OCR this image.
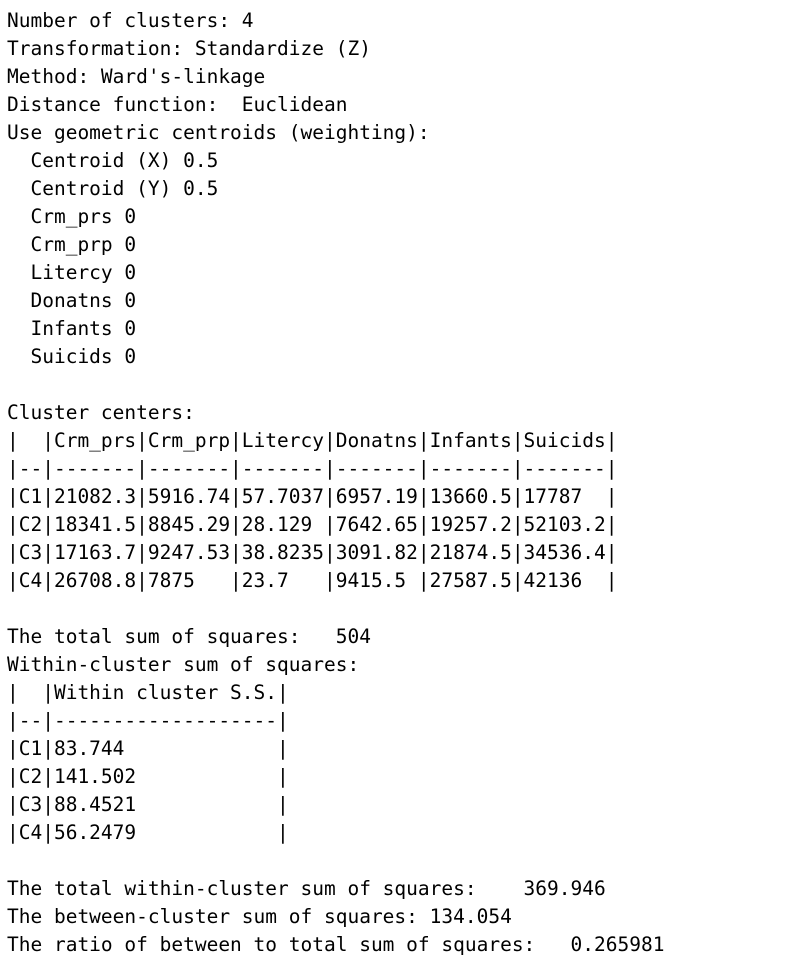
Number of clusters: 4
Transformation: Standardize (Z)
Method: Ward's-linkage
Distance function:  Euclidean
Use geometric centroids (weighting):
Centroid (X) 0.5
Centroid (Y) 0.5
Crm_prs 0
Crm_prp 0
Litercy 0
Donatns 0
Infants 0
Suicids 0
Cluster centers:
|  |Crm_prs|Crm_prp|Litercy|Donatns|Infants|Suicids|
|--|-------|-------|-------|-------|-------|-------|
|C1|21082.3|5916.74|57.7037|6957.19|13660.5|17787  |
|C2|18341.5|8845.29|28.129 |7642.65|19257.2|52103.2|
|C3|17163.7|9247.53|38.8235|3091.82|21874.5|34536.4|
|C4|26708.8|7875   |23.7   |9415.5 |27587.5|42136  |
The total sum of squares:   504
Within-cluster sum of squares:
|  |Within cluster S.S.|
|--|-------------------|
|C1|83.744             |
|C2|141.502            |
|C3|88.4521            |
|C4|56.2479            |
The total within-cluster sum of squares:    369.946
The between-cluster sum of squares: 134.054
The ratio of between to total sum of squares:   0.265981
